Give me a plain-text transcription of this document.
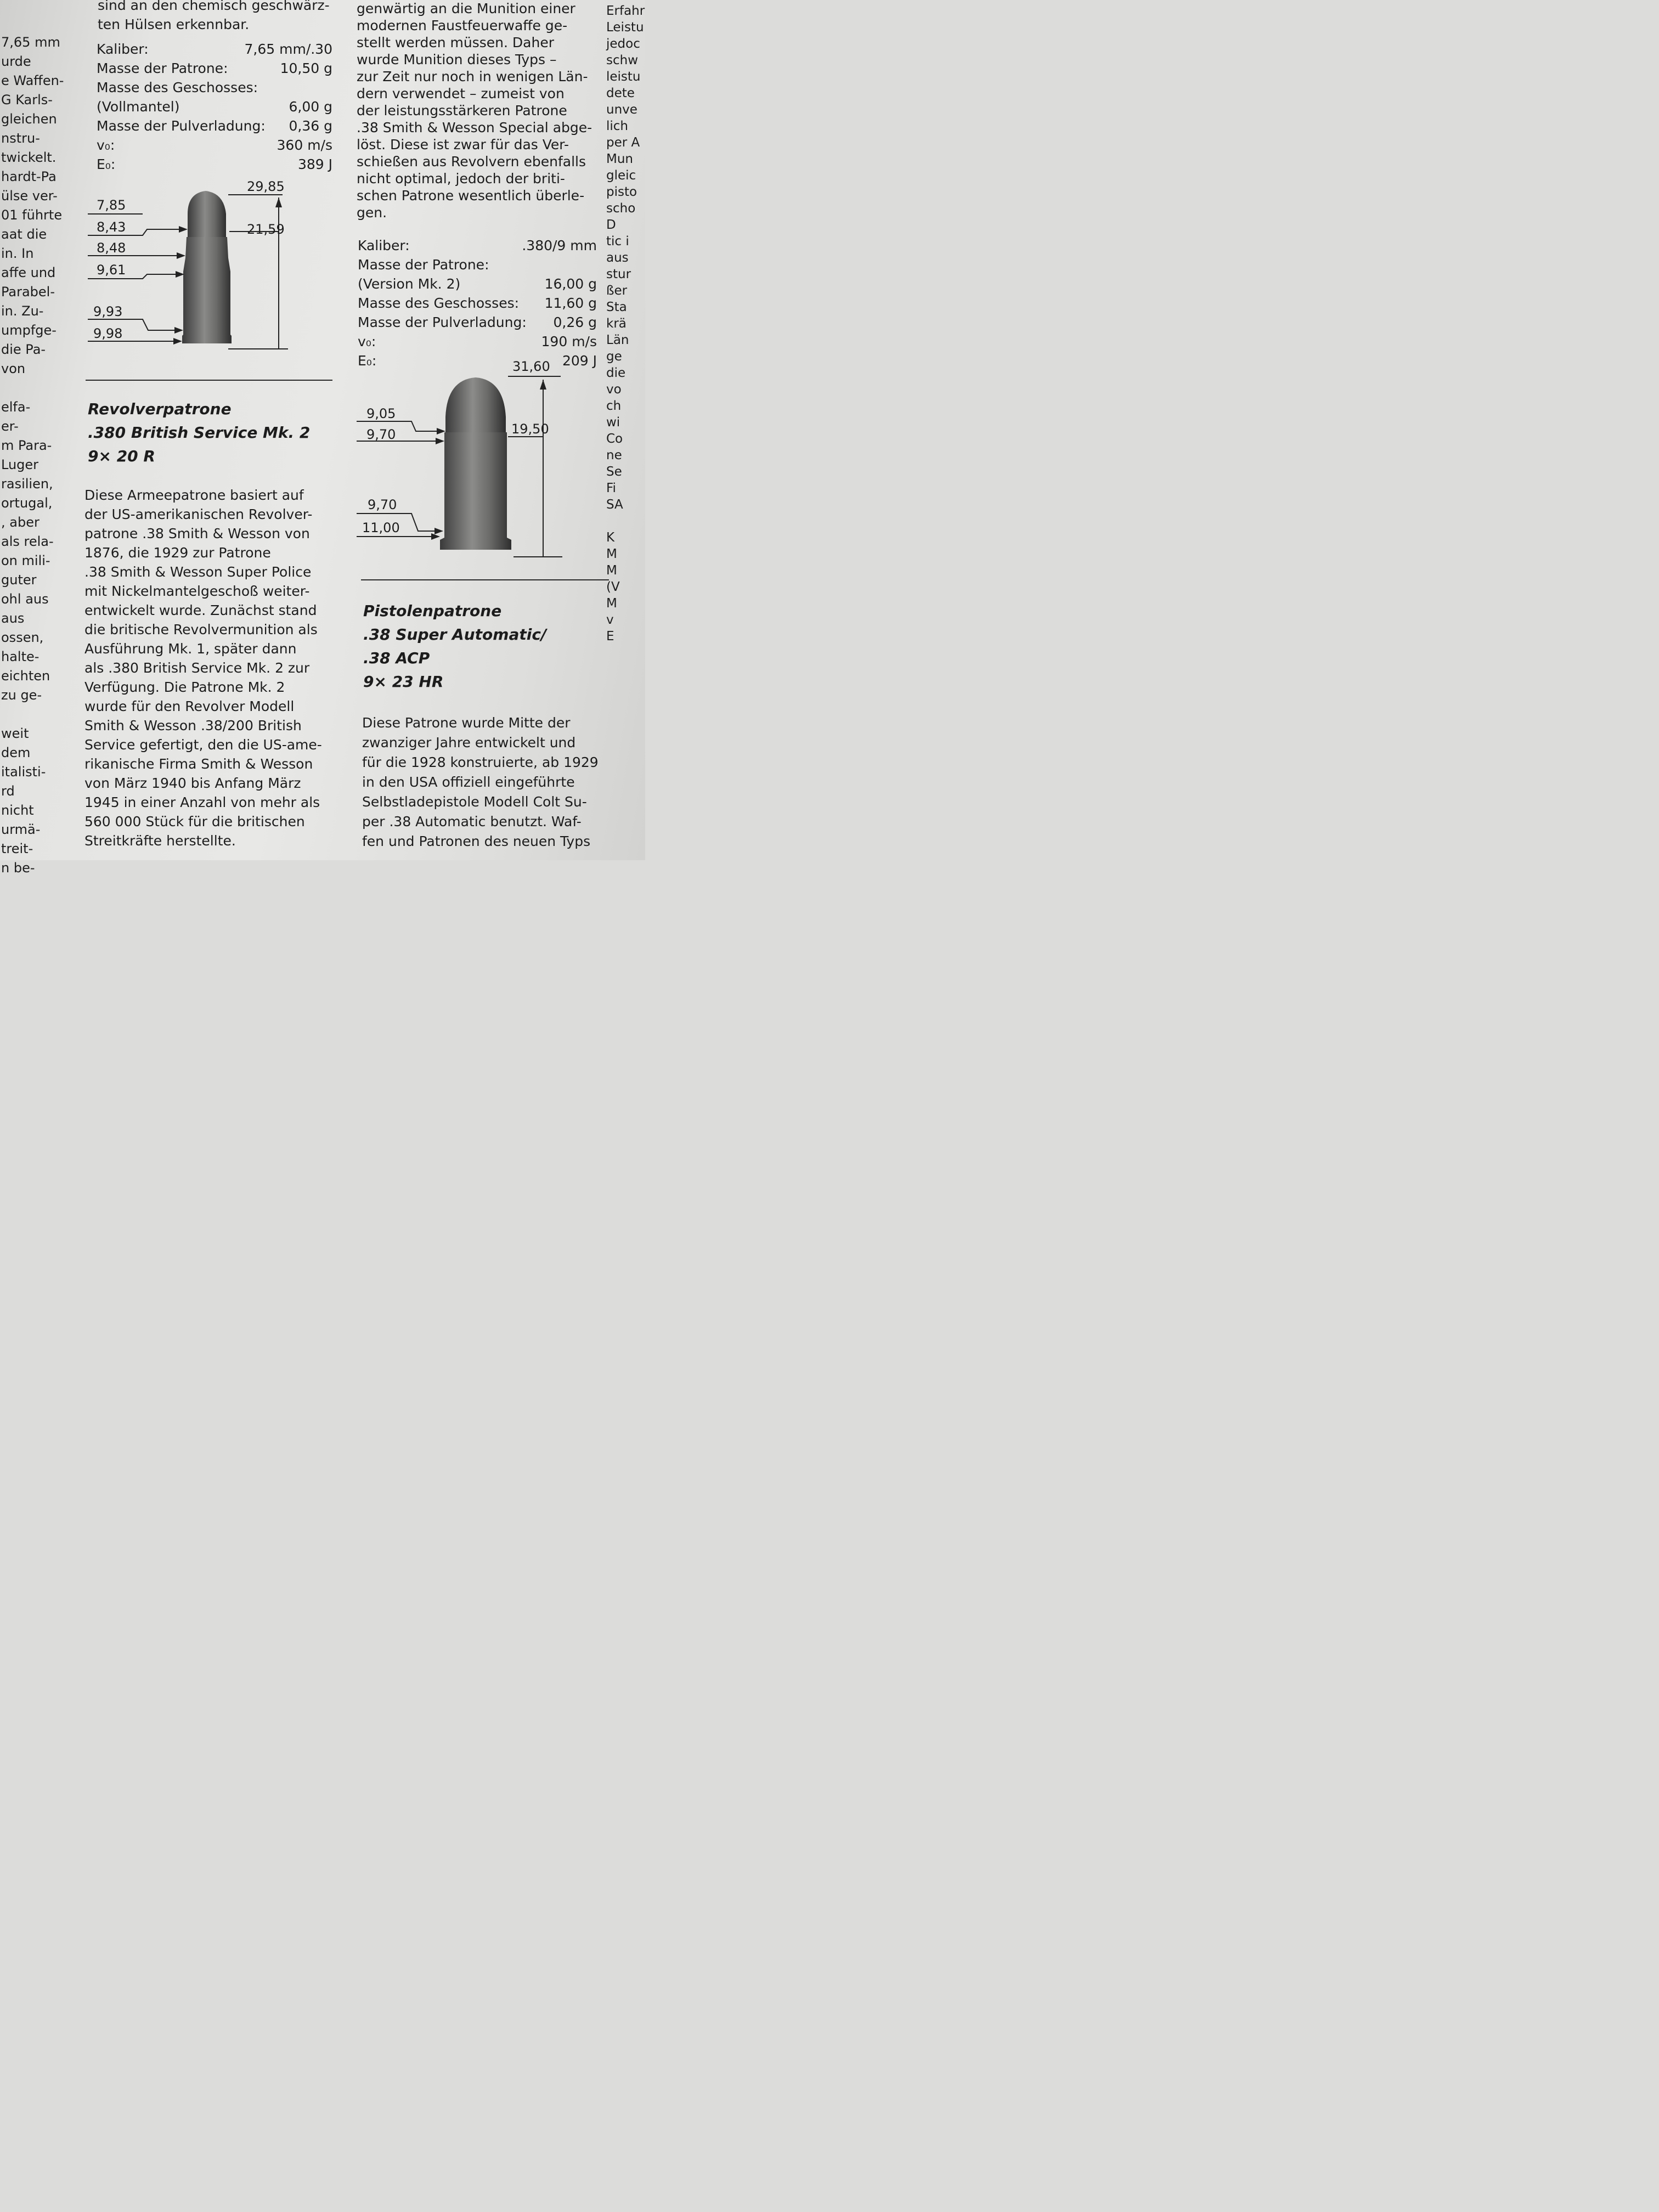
7,65 mm
urde
e Waffen-
G Karls-
gleichen
nstru-
twickelt.
hardt-Pa
ülse ver-
01 führte
aat die
in. In
affe und
Parabel-
in. Zu-
umpfge-
die Pa-
von

elfa-
er-
m Para-
Luger
rasilien,
ortugal,
, aber
als rela-
on mili-
guter
ohl aus
aus
ossen,
halte-
eichten
zu ge-

weit
dem
italisti-
rd
nicht
urmä-
treit-
n be-
sind an den chemisch geschwärz-
ten Hülsen erkennbar.
Kaliber:	7,65 mm/.30
Masse der Patrone:	10,50 g
Masse des Geschosses:
(Vollmantel)	6,00 g
Masse der Pulverladung: 0,36 g
v₀:	360 m/s
E₀:	389 J
7,85
8,43
8,48
9,61
9,93
9,98
29,85
21,59
Revolverpatrone
.380 British Service Mk. 2
9× 20 R
Diese Armeepatrone basiert auf
der US-amerikanischen Revolver-
patrone .38 Smith & Wesson von
1876, die 1929 zur Patrone
.38 Smith & Wesson Super Police
mit Nickelmantelgeschoß weiter-
entwickelt wurde. Zunächst stand
die britische Revolvermunition als
Ausführung Mk. 1, später dann
als .380 British Service Mk. 2 zur
Verfügung. Die Patrone Mk. 2
wurde für den Revolver Modell
Smith & Wesson .38/200 British
Service gefertigt, den die US-ame-
rikanische Firma Smith & Wesson
von März 1940 bis Anfang März
1945 in einer Anzahl von mehr als
560 000 Stück für die britischen
Streitkräfte herstellte.
genwärtig an die Munition einer
modernen Faustfeuerwaffe ge-
stellt werden müssen. Daher
wurde Munition dieses Typs –
zur Zeit nur noch in wenigen Län-
dern verwendet – zumeist von
der leistungsstärkeren Patrone
.38 Smith & Wesson Special abge-
löst. Diese ist zwar für das Ver-
schießen aus Revolvern ebenfalls
nicht optimal, jedoch der briti-
schen Patrone wesentlich überle-
gen.
Kaliber:	.380/9 mm
Masse der Patrone:
(Version Mk. 2)	16,00 g
Masse des Geschosses: 11,60 g
Masse der Pulverladung: 0,26 g
v₀:	190 m/s
E₀:	209 J
9,05
9,70
9,70
11,00
31,60
19,50
Pistolenpatrone
.38 Super Automatic/
.38 ACP
9× 23 HR
Diese Patrone wurde Mitte der
zwanziger Jahre entwickelt und
für die 1928 konstruierte, ab 1929
in den USA offiziell eingeführte
Selbstladepistole Modell Colt Su-
per .38 Automatic benutzt. Waf-
fen und Patronen des neuen Typs
Erfahr
Leistu
jedoc
schw
leistu
dete
unve
lich
per A
Mun
gleic
pisto
scho
D
tic i
aus
stur
ßer
Sta
krä
Län
ge
die
vo
ch
wi
Co
ne
Se
Fi
SA

K
M
M
(V
M
v
E
